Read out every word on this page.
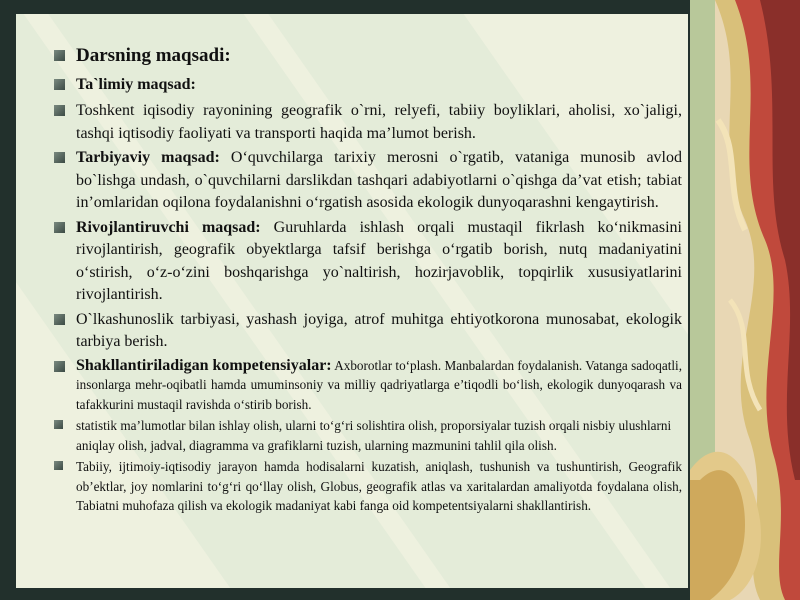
Darsning maqsadi:
Ta`limiy maqsad:
Toshkent iqisodiy rayonining geografik o`rni, relyefi, tabiiy boyliklari, aholisi, xo`jaligi, tashqi iqtisodiy faoliyati va transporti haqida ma’lumot berish.
Tarbiyaviy maqsad: O‘quvchilarga tarixiy merosni o`rgatib, vataniga munosib avlod bo`lishga undash, o`quvchilarni darslikdan tashqari adabiyotlarni o`qishga da’vat etish; tabiat in’omlaridan oqilona foydalanishni o‘rgatish asosida ekologik dunyoqarashni kengaytirish.
Rivojlantiruvchi maqsad: Guruhlarda ishlash orqali mustaqil fikrlash ko‘nikmasini rivojlantirish, geografik obyektlarga tafsif berishga o‘rgatib borish, nutq madaniyatini o‘stirish, o‘z-o‘zini boshqarishga yo`naltirish, hozirjavoblik, topqirlik xususiyatlarini rivojlantirish.
O`lkashunoslik tarbiyasi, yashash joyiga, atrof muhitga ehtiyotkorona munosabat, ekologik tarbiya berish.
Shakllantiriladigan kompetensiyalar: Axborotlar to‘plash. Manbalardan foydalanish. Vatanga sadoqatli, insonlarga mehr-oqibatli hamda umuminsoniy va milliy qadriyatlarga e’tiqodli bo‘lish, ekologik dunyoqarash va tafakkurini mustaqil ravishda o‘stirib borish.
statistik ma’lumotlar bilan ishlay olish, ularni to‘g‘ri solishtira olish, proporsiyalar tuzish orqali nisbiy ulushlarni aniqlay olish, jadval, diagramma va grafiklarni tuzish, ularning mazmunini tahlil qila olish.
Tabiiy, ijtimoiy-iqtisodiy jarayon hamda hodisalarni kuzatish, aniqlash, tushunish va tushuntirish, Geografik ob’ektlar, joy nomlarini to‘g‘ri qo‘llay olish, Globus, geografik atlas va xaritalardan amaliyotda foydalana olish, Tabiatni muhofaza qilish va ekologik madaniyat kabi fanga oid kompetentsiyalarni shakllantirish.
